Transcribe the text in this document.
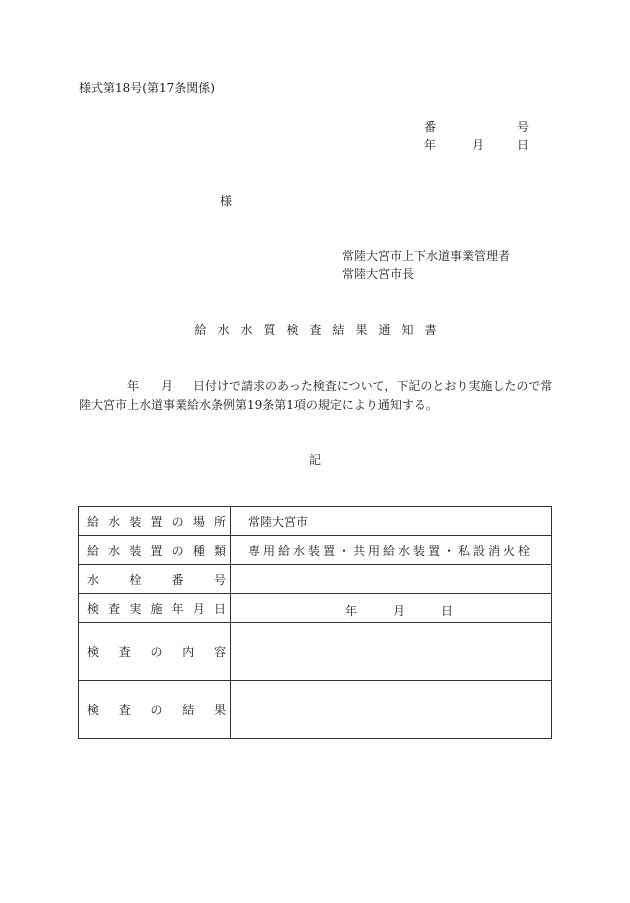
様式第18号(第17条関係)
番	号
年	月	日
様
常陸大宮市上下水道事業管理者
常陸大宮市長
給水水質検査結果通知書
年 月 日付けで請求のあった検査について，下記のとおり実施したので常
陸大宮市上水道事業給水条例第19条第1項の規定により通知する。
記
給水装置の場所	常陸大宮市
給水装置の種類	専用給水装置・共用給水装置・私設消火栓
水栓番号	
検査実施年月日	年 月 日

検査の内容	
検査の結果	
